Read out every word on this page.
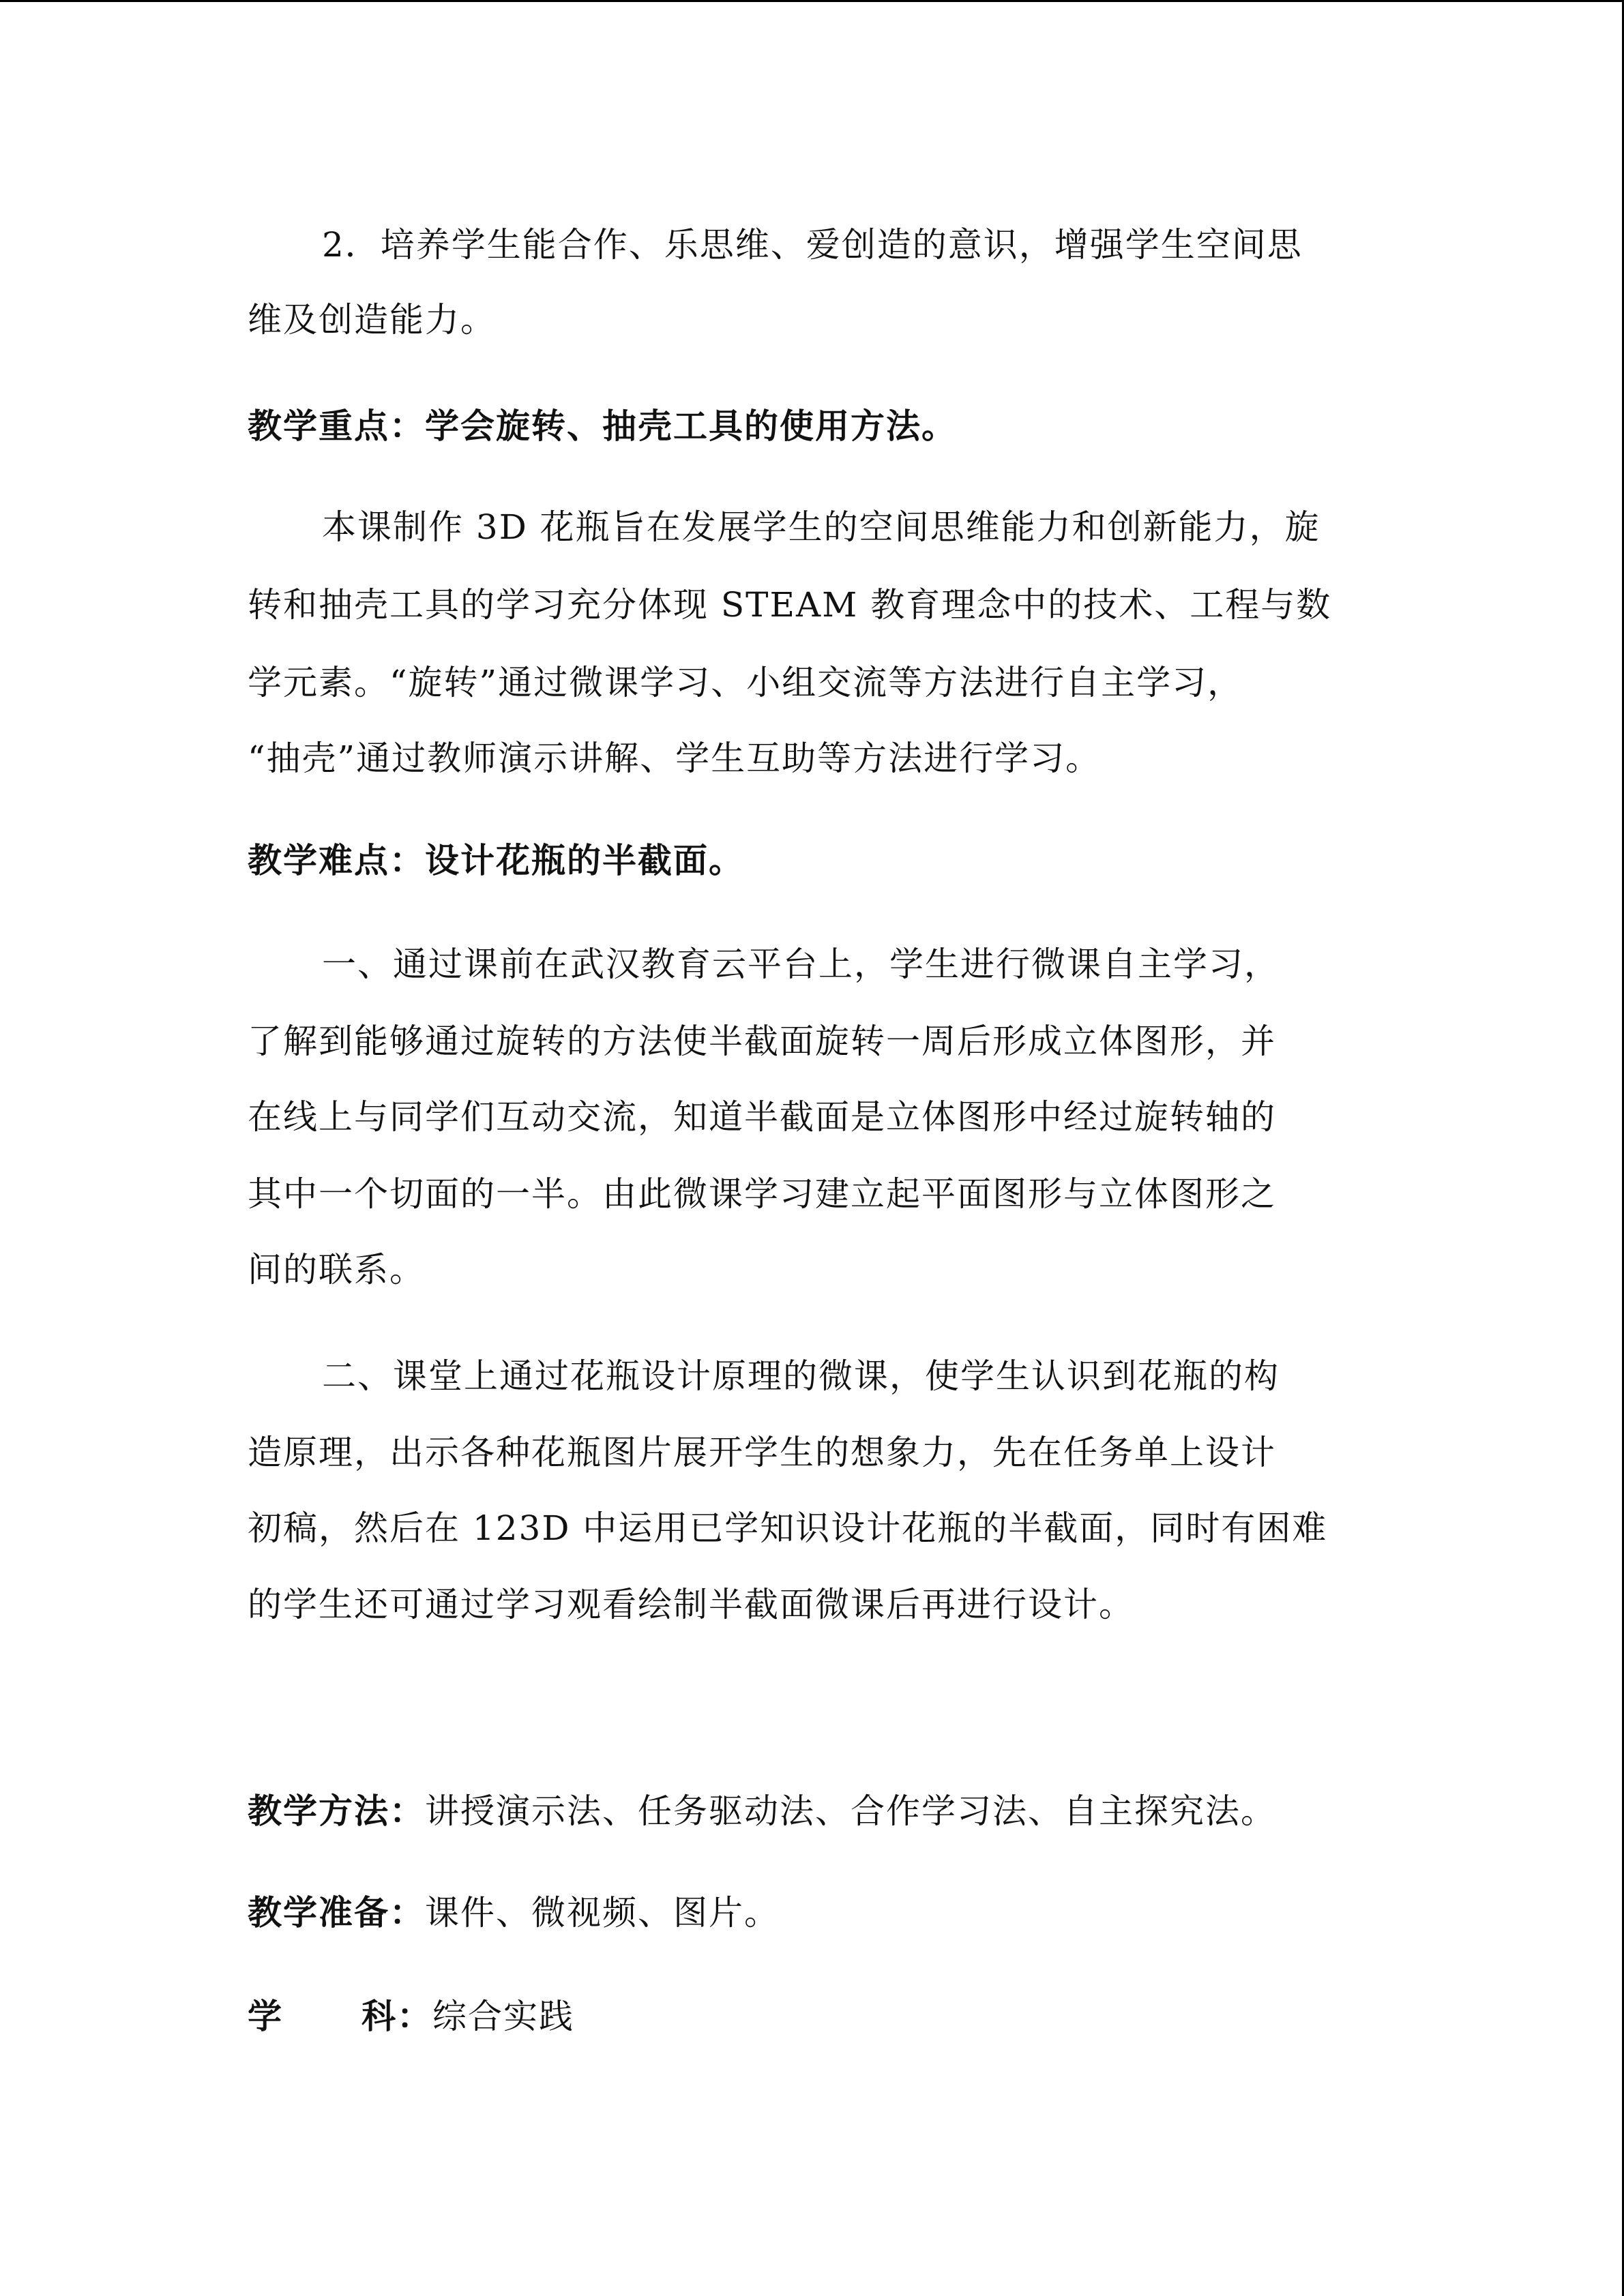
2．培养学生能合作、乐思维、爱创造的意识，增强学生空间思
维及创造能力。
教学重点：学会旋转、抽壳工具的使用方法。
本课制作 3D 花瓶旨在发展学生的空间思维能力和创新能力，旋
转和抽壳工具的学习充分体现 STEAM 教育理念中的技术、工程与数
学元素。“旋转”通过微课学习、小组交流等方法进行自主学习，
“抽壳”通过教师演示讲解、学生互助等方法进行学习。
教学难点：设计花瓶的半截面。
一、通过课前在武汉教育云平台上，学生进行微课自主学习，
了解到能够通过旋转的方法使半截面旋转一周后形成立体图形，并
在线上与同学们互动交流，知道半截面是立体图形中经过旋转轴的
其中一个切面的一半。由此微课学习建立起平面图形与立体图形之
间的联系。
二、课堂上通过花瓶设计原理的微课，使学生认识到花瓶的构
造原理，出示各种花瓶图片展开学生的想象力，先在任务单上设计
初稿，然后在 123D 中运用已学知识设计花瓶的半截面，同时有困难
的学生还可通过学习观看绘制半截面微课后再进行设计。
教学方法：讲授演示法、任务驱动法、合作学习法、自主探究法。
教学准备：课件、微视频、图片。
学 科：综合实践
